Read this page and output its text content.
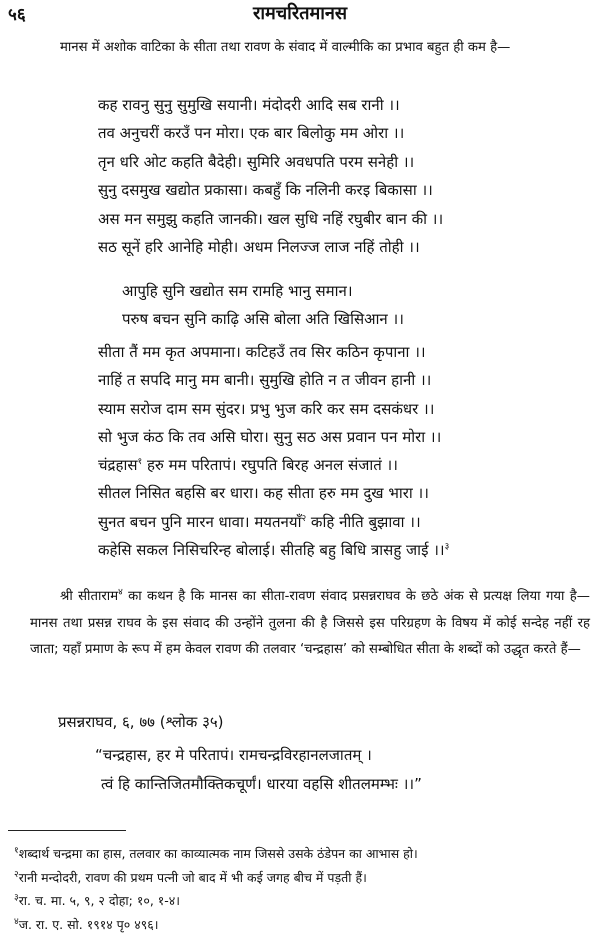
५६	रामचरितमानस

मानस में अशोक वाटिका के सीता तथा रावण के संवाद में वाल्मीकि का प्रभाव बहुत ही कम है—

कह रावनु सुनु सुमुखि सयानी। मंदोदरी आदि सब रानी ।।
तव अनुचरीं करउँ पन मोरा। एक बार बिलोकु मम ओरा ।।
तृन धरि ओट कहति बैदेही। सुमिरि अवधपति परम सनेही ।।
सुनु दसमुख खद्योत प्रकासा। कबहुँ कि नलिनी करइ बिकासा ।।
अस मन समुझु कहति जानकी। खल सुधि नहिं रघुबीर बान की ।।
सठ सूनें हरि आनेहि मोही। अधम निलज्ज लाज नहिं तोही ।।
आपुहि सुनि खद्योत सम रामहि भानु समान।
परुष बचन सुनि काढ़ि असि बोला अति खिसिआन ।।
सीता तैं मम कृत अपमाना। कटिहउँ तव सिर कठिन कृपाना ।।
नाहिं त सपदि मानु मम बानी। सुमुखि होति न त जीवन हानी ।।
स्याम सरोज दाम सम सुंदर। प्रभु भुज करि कर सम दसकंधर ।।
सो भुज कंठ कि तव असि घोरा। सुनु सठ अस प्रवान पन मोरा ।।
चंद्रहास$^१$ हरु मम परितापं। रघुपति बिरह अनल संजातं ।।
सीतल निसित बहसि बर धारा। कह सीता हरु मम दुख भारा ।।
सुनत बचन पुनि मारन धावा। मयतनयाँ$^२$ कहि नीति बुझावा ।।
कहेसि सकल निसिचरिन्ह बोलाई। सीतहि बहु बिधि त्रासहु जाई ।।$^३$

श्री सीताराम$^४$ का कथन है कि मानस का सीता-रावण संवाद प्रसन्नराघव के छठे अंक से प्रत्यक्ष लिया गया है—मानस तथा प्रसन्न राघव के इस संवाद की उन्होंने तुलना की है जिससे इस परिग्रहण के विषय में कोई सन्देह नहीं रह जाता; यहाँ प्रमाण के रूप में हम केवल रावण की तलवार ‘चन्द्रहास’ को सम्बोधित सीता के शब्दों को उद्धृत करते हैं—

प्रसन्नराघव, ६, ७७ (श्लोक ३५)
“चन्द्रहास, हर मे परितापं। रामचन्द्रविरहानलजातम् ।
त्वं हि कान्तिजितमौक्तिकचूर्णं। धारया वहसि शीतलमम्भः ।।”
$^१$शब्दार्थ चन्द्रमा का हास, तलवार का काव्यात्मक नाम जिससे उसके ठंडेपन का आभास हो।
$^२$रानी मन्दोदरी, रावण की प्रथम पत्नी जो बाद में भी कई जगह बीच में पड़ती हैं।
$^३$रा. च. मा. ५, ९, २ दोहा; १०, १-४।
$^४$ज. रा. ए. सो. १९१४ पृ० ४९६।
